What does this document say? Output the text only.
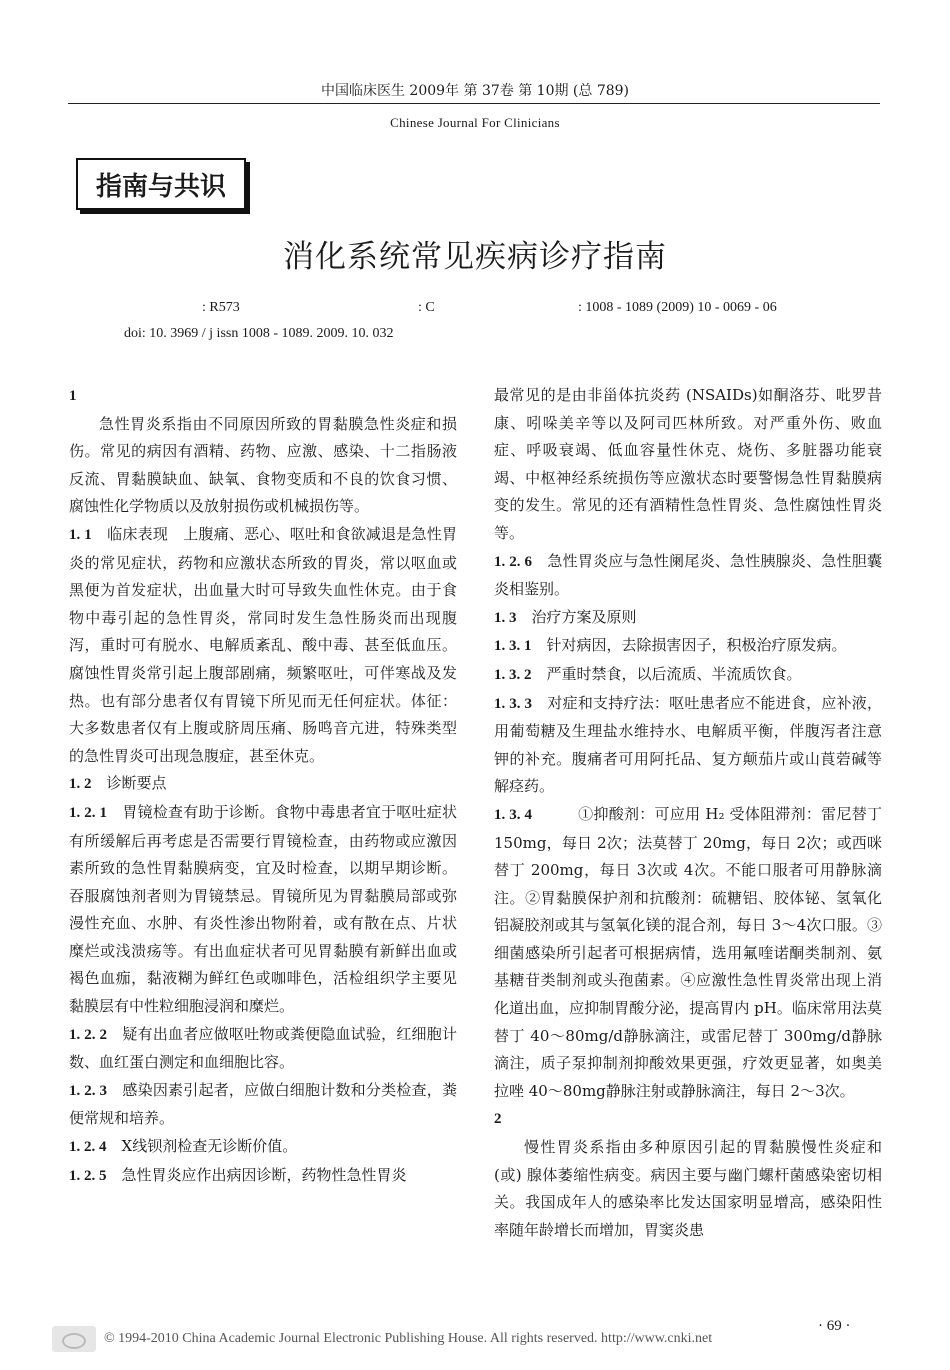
中国临床医生 2009年 第 37卷 第 10期 (总 789)
Chinese Journal For Clinicians
指南与共识
消化系统常见疾病诊疗指南
: R573	: C	: 1008 - 1089 (2009) 10 - 0069 - 06
doi: 10. 3969 / j issn 1008 - 1089. 2009. 10. 032

1　

急性胃炎系指由不同原因所致的胃黏膜急性炎症和损伤。常见的病因有酒精、药物、应激、感染、十二指肠液反流、胃黏膜缺血、缺氧、食物变质和不良的饮食习惯、腐蚀性化学物质以及放射损伤或机械损伤等。

1. 1　 临床表现　上腹痛、恶心、呕吐和食欲减退是急性胃炎的常见症状，药物和应激状态所致的胃炎，常以呕血或黑便为首发症状，出血量大时可导致失血性休克。由于食物中毒引起的急性胃炎，常同时发生急性肠炎而出现腹泻，重时可有脱水、电解质紊乱、酸中毒、甚至低血压。腐蚀性胃炎常引起上腹部剧痛，频繁呕吐，可伴寒战及发热。也有部分患者仅有胃镜下所见而无任何症状。体征：大多数患者仅有上腹或脐周压痛、肠鸣音亢进，特殊类型的急性胃炎可出现急腹症，甚至休克。

1. 2　 诊断要点

1. 2. 1　 胃镜检查有助于诊断。食物中毒患者宜于呕吐症状有所缓解后再考虑是否需要行胃镜检查，由药物或应激因素所致的急性胃黏膜病变，宜及时检查，以期早期诊断。吞服腐蚀剂者则为胃镜禁忌。胃镜所见为胃黏膜局部或弥漫性充血、水肿、有炎性渗出物附着，或有散在点、片状糜烂或浅溃疡等。有出血症状者可见胃黏膜有新鲜出血或褐色血痂，黏液糊为鲜红色或咖啡色，活检组织学主要见黏膜层有中性粒细胞浸润和糜烂。

1. 2. 2　 疑有出血者应做呕吐物或粪便隐血试验，红细胞计数、血红蛋白测定和血细胞比容。

1. 2. 3　 感染因素引起者，应做白细胞计数和分类检查，粪便常规和培养。

1. 2. 4　 X线钡剂检查无诊断价值。

1. 2. 5　 急性胃炎应作出病因诊断，药物性急性胃炎

最常见的是由非甾体抗炎药 (NSAIDs)如酮洛芬、吡罗昔康、吲哚美辛等以及阿司匹林所致。对严重外伤、败血症、呼吸衰竭、低血容量性休克、烧伤、多脏器功能衰竭、中枢神经系统损伤等应激状态时要警惕急性胃黏膜病变的发生。常见的还有酒精性急性胃炎、急性腐蚀性胃炎等。

1. 2. 6　 急性胃炎应与急性阑尾炎、急性胰腺炎、急性胆囊炎相鉴别。

1. 3　 治疗方案及原则

1. 3. 1　 针对病因，去除损害因子，积极治疗原发病。

1. 3. 2　 严重时禁食，以后流质、半流质饮食。

1. 3. 3　 对症和支持疗法：呕吐患者应不能进食，应补液，用葡萄糖及生理盐水维持水、电解质平衡，伴腹泻者注意钾的补充。腹痛者可用阿托品、复方颠茄片或山莨菪碱等解痉药。

1. 3. 4　　　①抑酸剂：可应用 H₂ 受体阻滞剂：雷尼替丁 150mg，每日 2次；法莫替丁 20mg，每日 2次；或西咪替丁 200mg，每日 3次或 4次。不能口服者可用静脉滴注。②胃黏膜保护剂和抗酸剂：硫糖铝、胶体铋、氢氧化铝凝胶剂或其与氢氧化镁的混合剂，每日 3～4次口服。③细菌感染所引起者可根据病情，选用氟喹诺酮类制剂、氨基糖苷类制剂或头孢菌素。④应激性急性胃炎常出现上消化道出血，应抑制胃酸分泌，提高胃内 pH。临床常用法莫替丁 40～80mg/d静脉滴注，或雷尼替丁 300mg/d静脉滴注，质子泵抑制剂抑酸效果更强，疗效更显著，如奥美拉唑 40～80mg静脉注射或静脉滴注，每日 2～3次。

2　

慢性胃炎系指由多种原因引起的胃黏膜慢性炎症和 (或) 腺体萎缩性病变。病因主要与幽门螺杆菌感染密切相关。我国成年人的感染率比发达国家明显增高，感染阳性率随年龄增长而增加，胃窦炎患

· 69 ·
© 1994-2010 China Academic Journal Electronic Publishing House. All rights reserved. http://www.cnki.net
